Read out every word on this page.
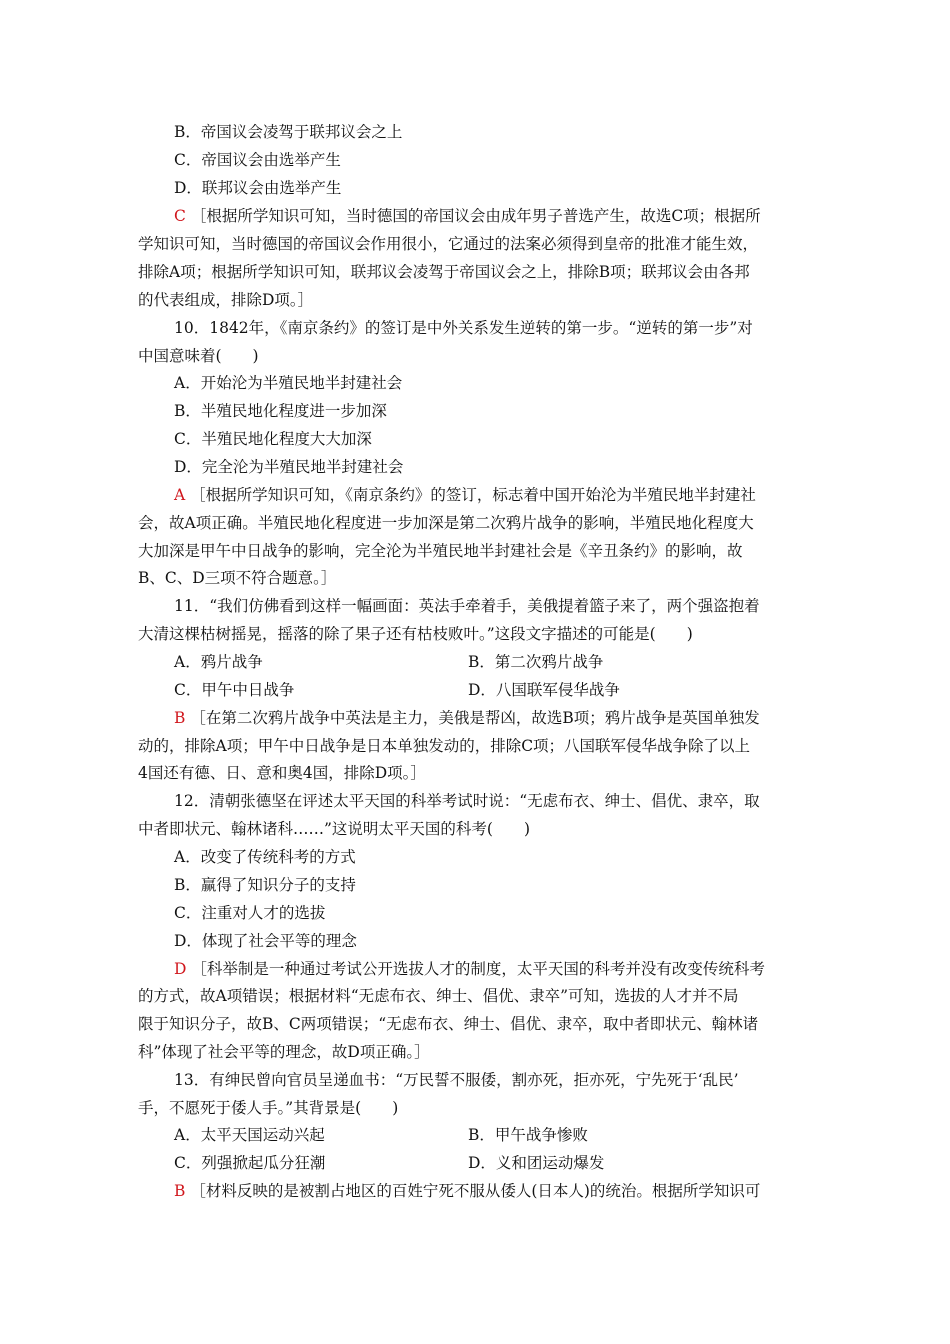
B．帝国议会凌驾于联邦议会之上
C．帝国议会由选举产生
D．联邦议会由选举产生
C ［根据所学知识可知，当时德国的帝国议会由成年男子普选产生，故选C项；根据所
学知识可知，当时德国的帝国议会作用很小，它通过的法案必须得到皇帝的批准才能生效，
排除A项；根据所学知识可知，联邦议会凌驾于帝国议会之上，排除B项；联邦议会由各邦
的代表组成，排除D项。］
10．1842年，《南京条约》的签订是中外关系发生逆转的第一步。“逆转的第一步”对
中国意味着(　　)
A．开始沦为半殖民地半封建社会
B．半殖民地化程度进一步加深
C．半殖民地化程度大大加深
D．完全沦为半殖民地半封建社会
A ［根据所学知识可知，《南京条约》的签订，标志着中国开始沦为半殖民地半封建社
会，故A项正确。半殖民地化程度进一步加深是第二次鸦片战争的影响，半殖民地化程度大
大加深是甲午中日战争的影响，完全沦为半殖民地半封建社会是《辛丑条约》的影响，故
B、C、D三项不符合题意。］
11．“我们仿佛看到这样一幅画面：英法手牵着手，美俄提着篮子来了，两个强盗抱着
大清这棵枯树摇晃，摇落的除了果子还有枯枝败叶。”这段文字描述的可能是(　　)
A．鸦片战争	B．第二次鸦片战争
C．甲午中日战争	D．八国联军侵华战争
B ［在第二次鸦片战争中英法是主力，美俄是帮凶，故选B项；鸦片战争是英国单独发
动的，排除A项；甲午中日战争是日本单独发动的，排除C项；八国联军侵华战争除了以上
4国还有德、日、意和奥4国，排除D项。］
12．清朝张德坚在评述太平天国的科举考试时说：“无虑布衣、绅士、倡优、隶卒，取
中者即状元、翰林诸科……”这说明太平天国的科考(　　)
A．改变了传统科考的方式
B．赢得了知识分子的支持
C．注重对人才的选拔
D．体现了社会平等的理念
D ［科举制是一种通过考试公开选拔人才的制度，太平天国的科考并没有改变传统科考
的方式，故A项错误；根据材料“无虑布衣、绅士、倡优、隶卒”可知，选拔的人才并不局
限于知识分子，故B、C两项错误；“无虑布衣、绅士、倡优、隶卒，取中者即状元、翰林诸
科”体现了社会平等的理念，故D项正确。］
13．有绅民曾向官员呈递血书：“万民誓不服倭，割亦死，拒亦死，宁先死于‘乱民’
手，不愿死于倭人手。”其背景是(　　)
A．太平天国运动兴起	B．甲午战争惨败
C．列强掀起瓜分狂潮	D．义和团运动爆发
B ［材料反映的是被割占地区的百姓宁死不服从倭人(日本人)的统治。根据所学知识可
